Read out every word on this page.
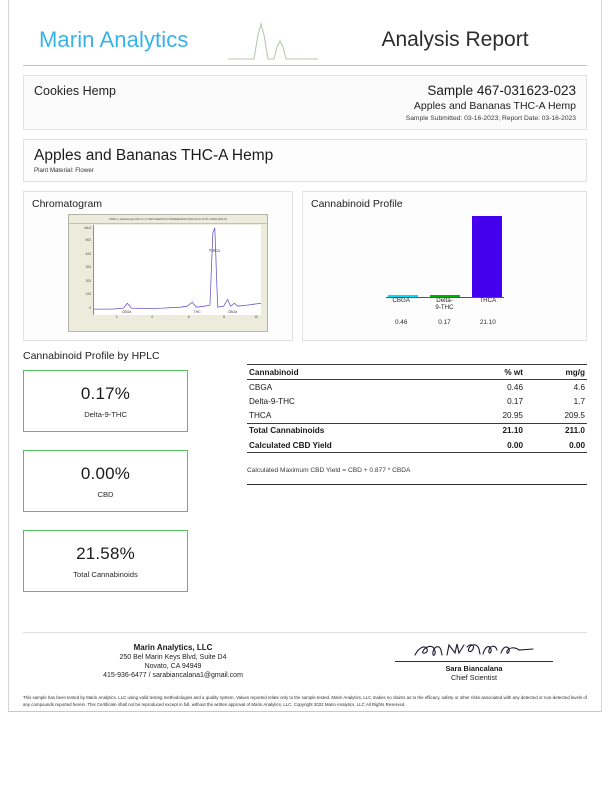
Marin Analytics	Analysis Report
Cookies Hemp	Sample 467-031623-023
Apples and Bananas THC-A Hemp
Sample Submitted: 03-16-2023; Report Date: 03-16-2023
Apples and Bananas THC-A Hemp
Plant Material: Flower
Chromatogram
VWD1 A, Wavelength=220 nm (C:\HPC\HEM\10x17x\03HEM23H03 2023-03-16 12-57-41\002-0101.D)
mAU
500
400
300
200
100
0
THCa
2	4	6	8	10
CBGa	THC	CBGa
Cannabinoid Profile
CBGA	Delta-
9-THC
THCA
0.46	0.17	21.10
Cannabinoid Profile by HPLC
0.17%
Delta-9-THC
0.00%
CBD
21.58%
Total Cannabinoids
Cannabinoid	% wt	mg/g
CBGA	0.46	4.6
Delta-9-THC	0.17	1.7
THCA	20.95	209.5
Total Cannabinoids	21.10	211.0
Calculated CBD Yield	0.00	0.00
Calculated Maximum CBD Yield = CBD + 0.877 * CBDA
Marin Analytics, LLC
250 Bel Marin Keys Blvd, Suite D4
Novato, CA 94949
415-936-6477 / sarabiancalana1@gmail.com
Sara Biancalana
Chief Scientist
This sample has been tested by Marin Analytics, LLC using valid testing methodologies and a quality system. Values reported relate only to the sample tested. Marin Analytics, LLC makes no claims as to the efficacy, safety or other risks associated with any detected or non-detected levels of any compounds reported herein. This Certificate shall not be reproduced except in full, without the written approval of Marin Analytics, LLC. Copyright 2022 Marin Analytics, LLC All Rights Reserved.
